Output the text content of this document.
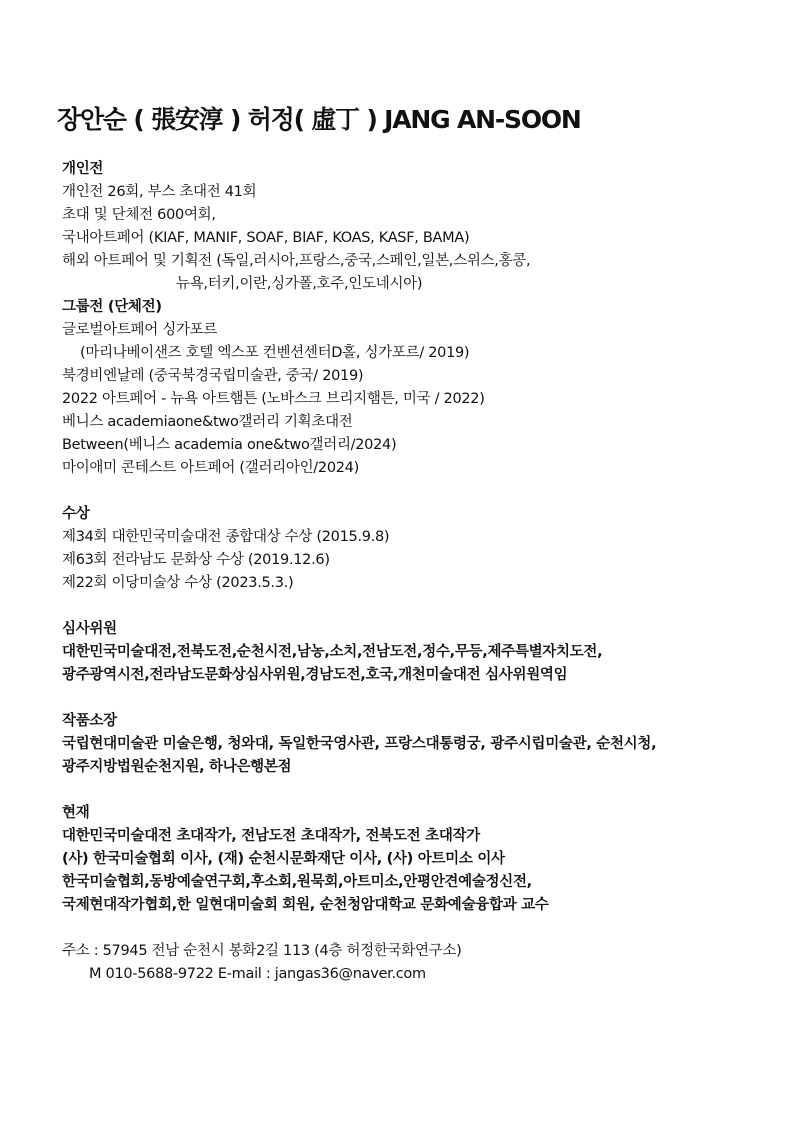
장안순 ( 張安淳 ) 허정( 虛丁 ) JANG AN-SOON
개인전
개인전 26회, 부스 초대전 41회
초대 및 단체전 600여회,
국내아트페어 (KIAF, MANIF, SOAF, BIAF, KOAS, KASF, BAMA)
해외 아트페어 및 기획전 (독일,러시아,프랑스,중국,스페인,일본,스위스,홍콩,
뉴욕,터키,이란,싱가폴,호주,인도네시아)
그룹전 (단체전)
글로벌아트페어 싱가포르
(마리나베이샌즈 호텔 엑스포 컨벤션센터D홀, 싱가포르/ 2019)
북경비엔날레 (중국북경국립미술관, 중국/ 2019)
2022 아트페어 - 뉴욕 아트햄튼 (노바스크 브리지햄튼, 미국 / 2022)
베니스 academiaone&two갤러리 기획초대전
Between(베니스 academia one&two갤러리/2024)
마이애미 콘테스트 아트페어 (갤러리아인/2024)
수상
제34회 대한민국미술대전 종합대상 수상 (2015.9.8)
제63회 전라남도 문화상 수상 (2019.12.6)
제22회 이당미술상 수상 (2023.5.3.)
심사위원
대한민국미술대전,전북도전,순천시전,남농,소치,전남도전,정수,무등,제주특별자치도전,
광주광역시전,전라남도문화상심사위원,경남도전,호국,개천미술대전 심사위원역임
작품소장
국립현대미술관 미술은행, 청와대, 독일한국영사관, 프랑스대통령궁, 광주시립미술관, 순천시청,
광주지방법원순천지원, 하나은행본점
현재
대한민국미술대전 초대작가, 전남도전 초대작가, 전북도전 초대작가
(사) 한국미술협회 이사, (재) 순천시문화재단 이사, (사) 아트미소 이사
한국미술협회,동방예술연구회,후소회,원묵회,아트미소,안평안견예술정신전,
국제현대작가협회,한 일현대미술회 회원, 순천청암대학교 문화예술융합과 교수
주소 : 57945 전남 순천시 봉화2길 113 (4층 허정한국화연구소)
M 010-5688-9722 E-mail : jangas36@naver.com
